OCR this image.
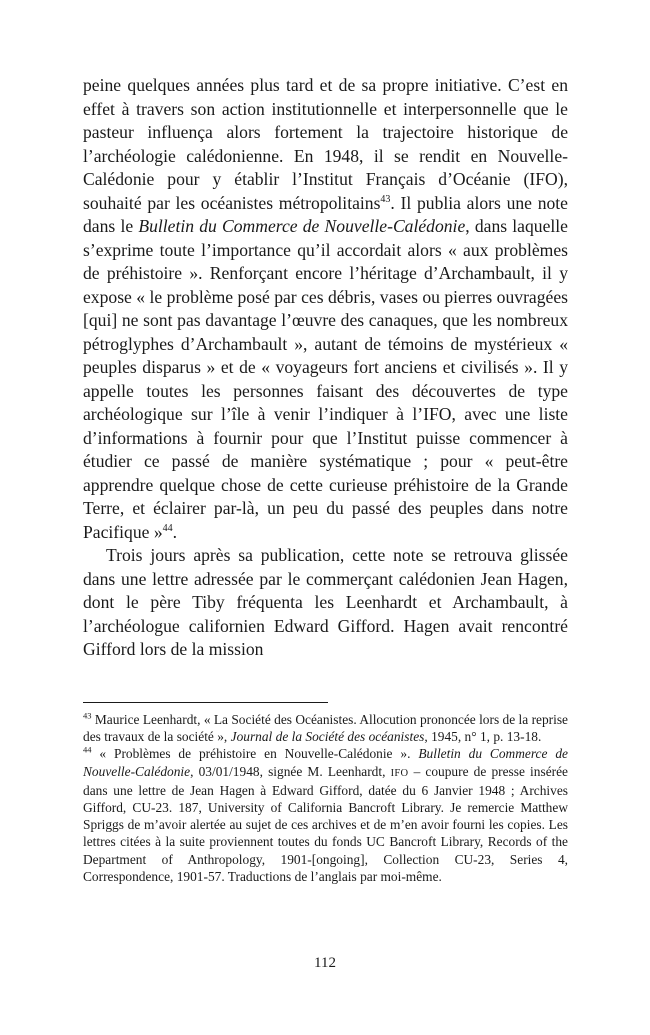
peine quelques années plus tard et de sa propre initiative. C’est en effet à travers son action institutionnelle et interpersonnelle que le pasteur influença alors fortement la trajectoire historique de l’archéologie calédonienne. En 1948, il se rendit en Nouvelle-Calédonie pour y établir l’Institut Français d’Océanie (IFO), souhaité par les océanistes métropolitains$^{43}$. Il publia alors une note dans le Bulletin du Commerce de Nouvelle-Calédonie, dans laquelle s’exprime toute l’importance qu’il accordait alors « aux problèmes de préhistoire ». Renforçant encore l’héritage d’Archambault, il y expose « le problème posé par ces débris, vases ou pierres ouvragées [qui] ne sont pas davantage l’œuvre des canaques, que les nombreux pétroglyphes d’Archambault », autant de témoins de mystérieux « peuples disparus » et de « voyageurs fort anciens et civilisés ». Il y appelle toutes les personnes faisant des découvertes de type archéologique sur l’île à venir l’indiquer à l’IFO, avec une liste d’informations à fournir pour que l’Institut puisse commencer à étudier ce passé de manière systématique ; pour « peut-être apprendre quelque chose de cette curieuse préhistoire de la Grande Terre, et éclairer par-là, un peu du passé des peuples dans notre Pacifique »$^{44}$.

Trois jours après sa publication, cette note se retrouva glissée dans une lettre adressée par le commerçant calédonien Jean Hagen, dont le père Tiby fréquenta les Leenhardt et Archambault, à l’archéologue californien Edward Gifford. Hagen avait rencontré Gifford lors de la mission

$^{43}$ Maurice Leenhardt, « La Société des Océanistes. Allocution prononcée lors de la reprise des travaux de la société », Journal de la Société des océanistes, 1945, n° 1, p. 13-18.

$^{44}$ « Problèmes de préhistoire en Nouvelle-Calédonie ». Bulletin du Commerce de Nouvelle-Calédonie, 03/01/1948, signée M. Leenhardt, IFO – coupure de presse insérée dans une lettre de Jean Hagen à Edward Gifford, datée du 6 Janvier 1948 ; Archives Gifford, CU-23. 187, University of California Bancroft Library. Je remercie Matthew Spriggs de m’avoir alertée au sujet de ces archives et de m’en avoir fourni les copies. Les lettres citées à la suite proviennent toutes du fonds UC Bancroft Library, Records of the Department of Anthropology, 1901-[ongoing], Collection CU-23, Series 4, Correspondence, 1901-57. Traductions de l’anglais par moi-même.

112
